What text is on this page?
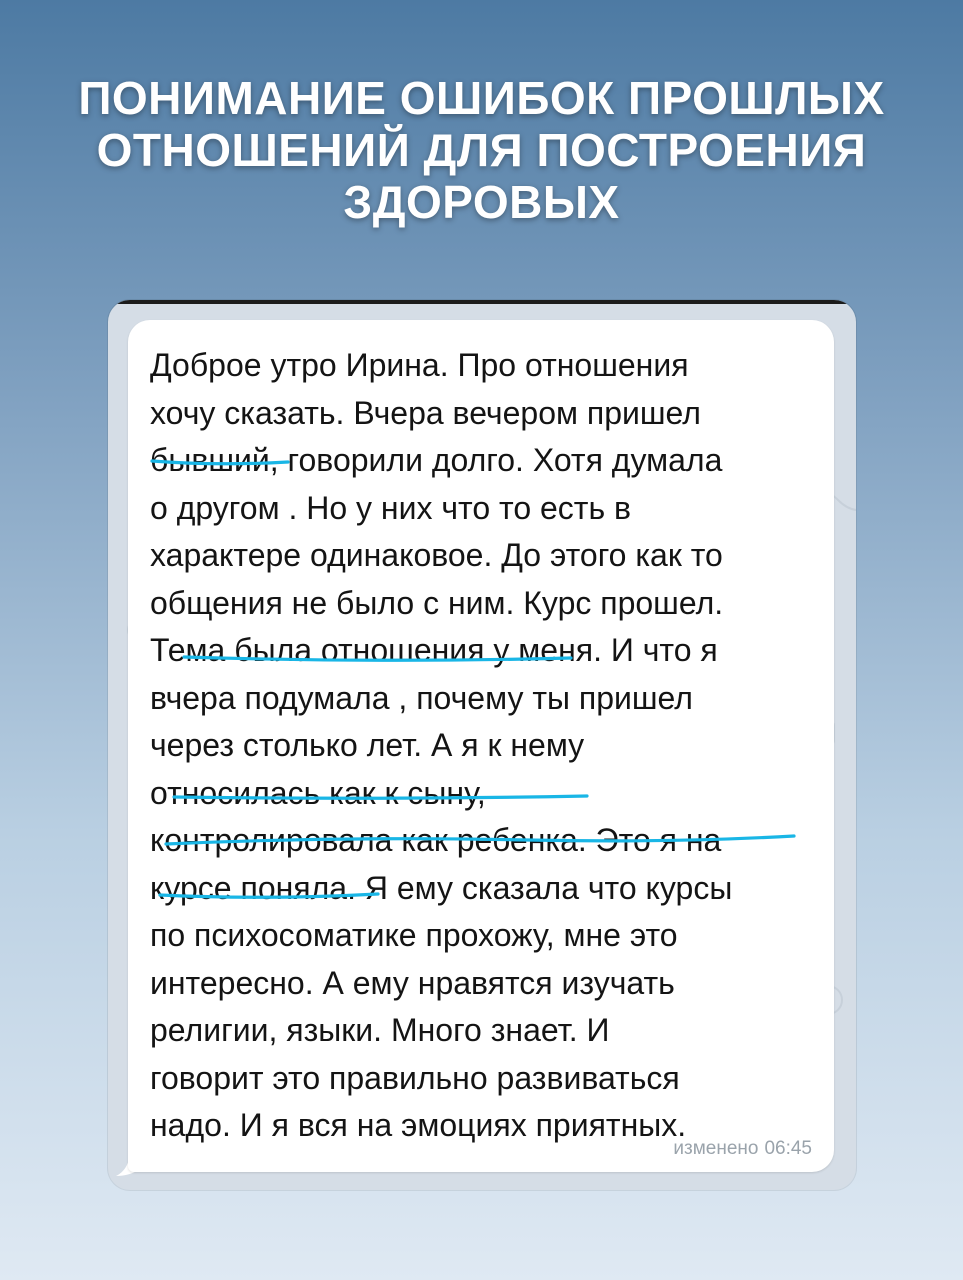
ПОНИМАНИЕ ОШИБОК ПРОШЛЫХ
ОТНОШЕНИЙ ДЛЯ ПОСТРОЕНИЯ
ЗДОРОВЫХ
Доброе утро Ирина. Про отношения
хочу сказать. Вчера вечером пришел
бывший, говорили долго. Хотя думала
о другом . Но у них что то есть в
характере одинаковое. До этого как то
общения не было с ним. Курс прошел.
Тема была отношения у меня. И что я
вчера подумала , почему ты пришел
через столько лет. А я к нему
относилась как к сыну,
контролировала как ребенка. Это я на
курсе поняла. Я ему сказала что курсы
по психосоматике прохожу, мне это
интересно. А ему нравятся изучать
религии, языки. Много знает. И
говорит это правильно развиваться
надо. И я вся на эмоциях приятных.
изменено 06:45
